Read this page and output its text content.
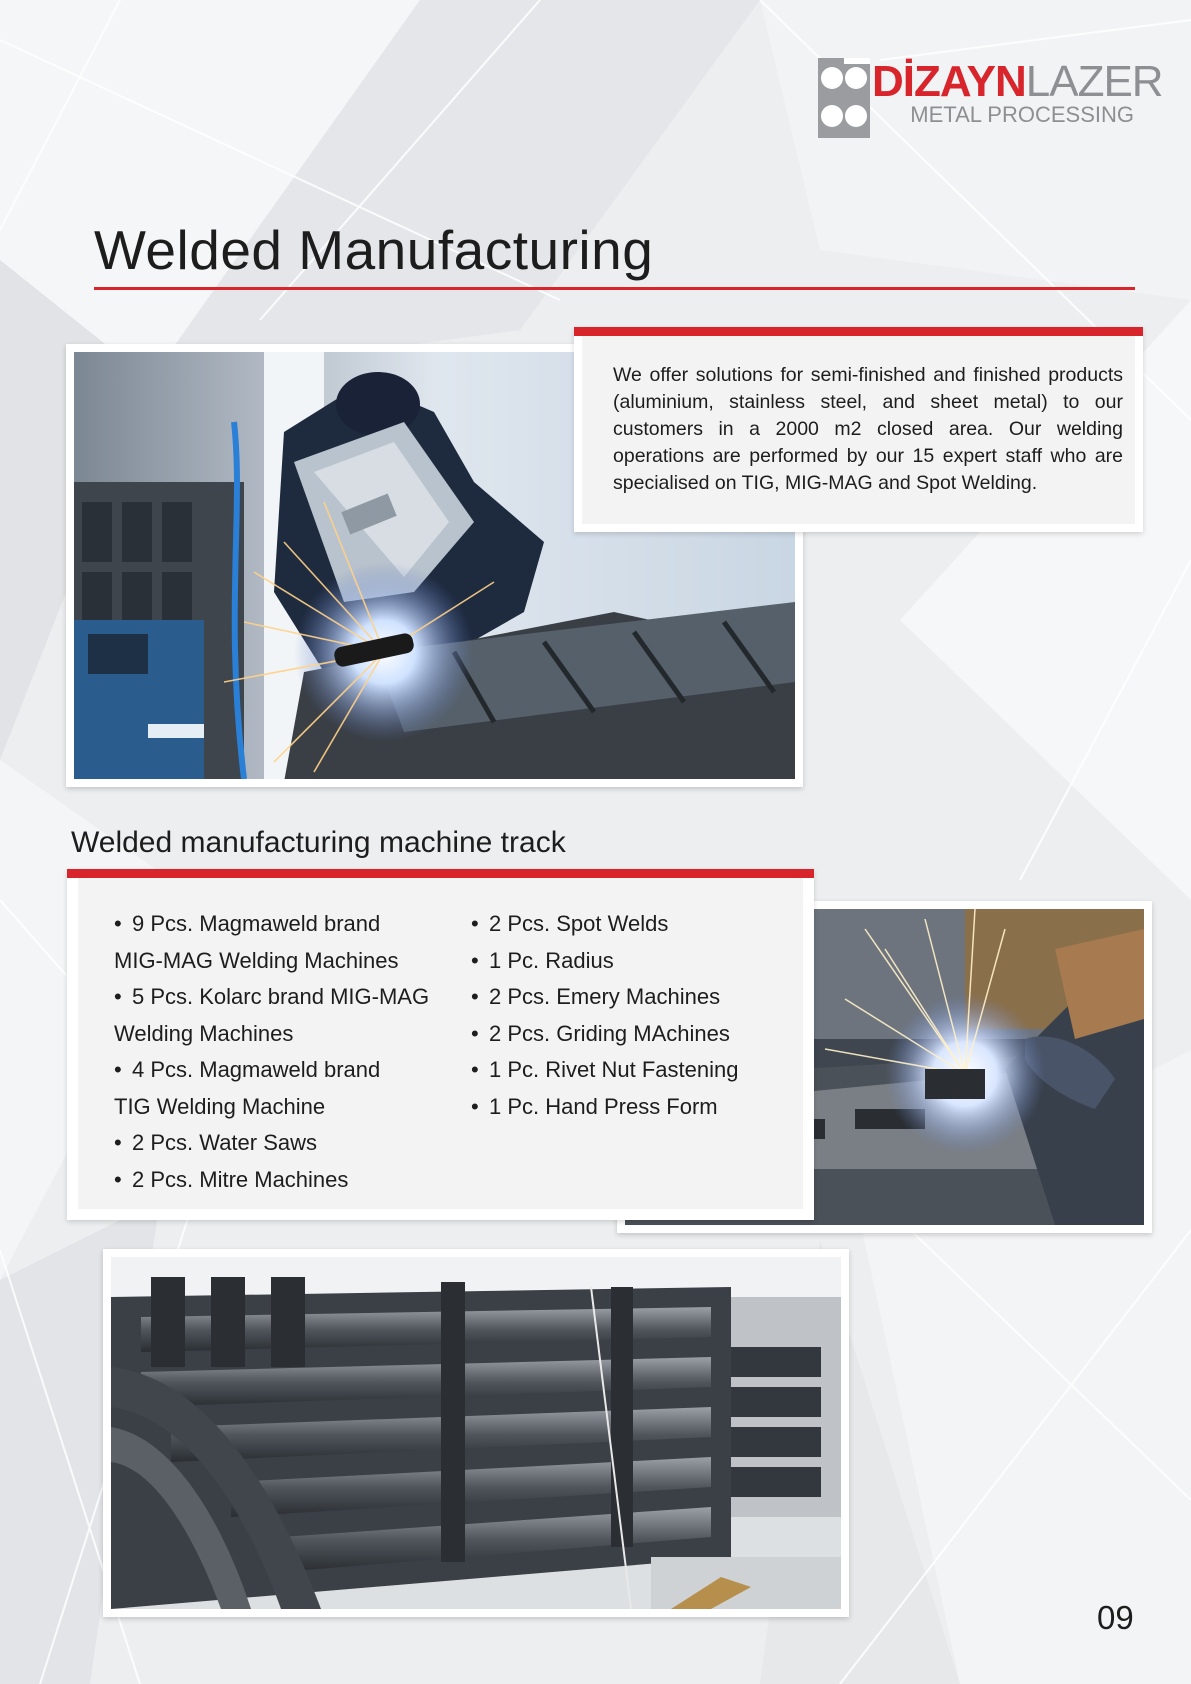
DİZAYNLAZER
METAL PROCESSING
Welded Manufacturing

We offer solutions for semi-finished and finished products (aluminium, stainless steel, and sheet metal) to our customers in a 2000 m2 closed area. Our welding operations are performed by our 15 expert staff who are specialised on TIG, MIG-MAG and Spot Welding.

Welded manufacturing machine track
• 9 Pcs. Magmaweld brand
MIG-MAG Welding Machines
• 5 Pcs. Kolarc brand MIG-MAG
Welding Machines
• 4 Pcs. Magmaweld brand
TIG Welding Machine
• 2 Pcs. Water Saws
• 2 Pcs. Mitre Machines
• 2 Pcs. Spot Welds
• 1 Pc. Radius
• 2 Pcs. Emery Machines
• 2 Pcs. Griding MAchines
• 1 Pc. Rivet Nut Fastening
• 1 Pc. Hand Press Form
09
